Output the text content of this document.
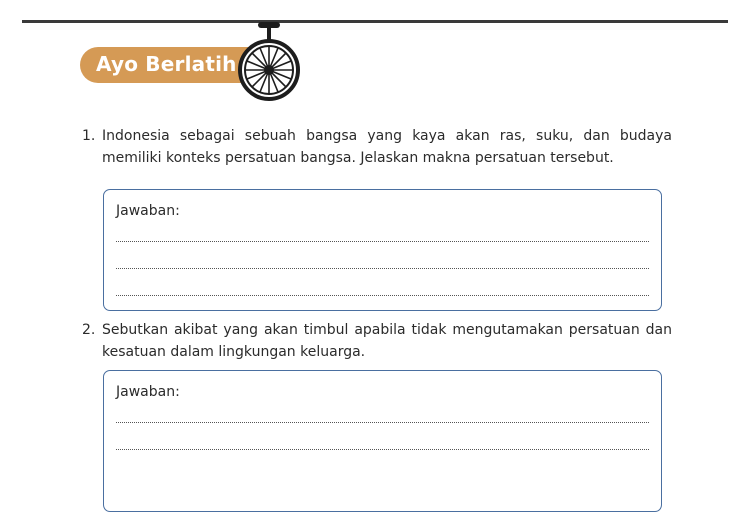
Ayo Berlatih
1. Indonesia sebagai sebuah bangsa yang kaya akan ras, suku, dan budaya memiliki konteks persatuan bangsa. Jelaskan makna persatuan tersebut.
Jawaban:
2. Sebutkan akibat yang akan timbul apabila tidak mengutamakan persatuan dan kesatuan dalam lingkungan keluarga.
Jawaban:
